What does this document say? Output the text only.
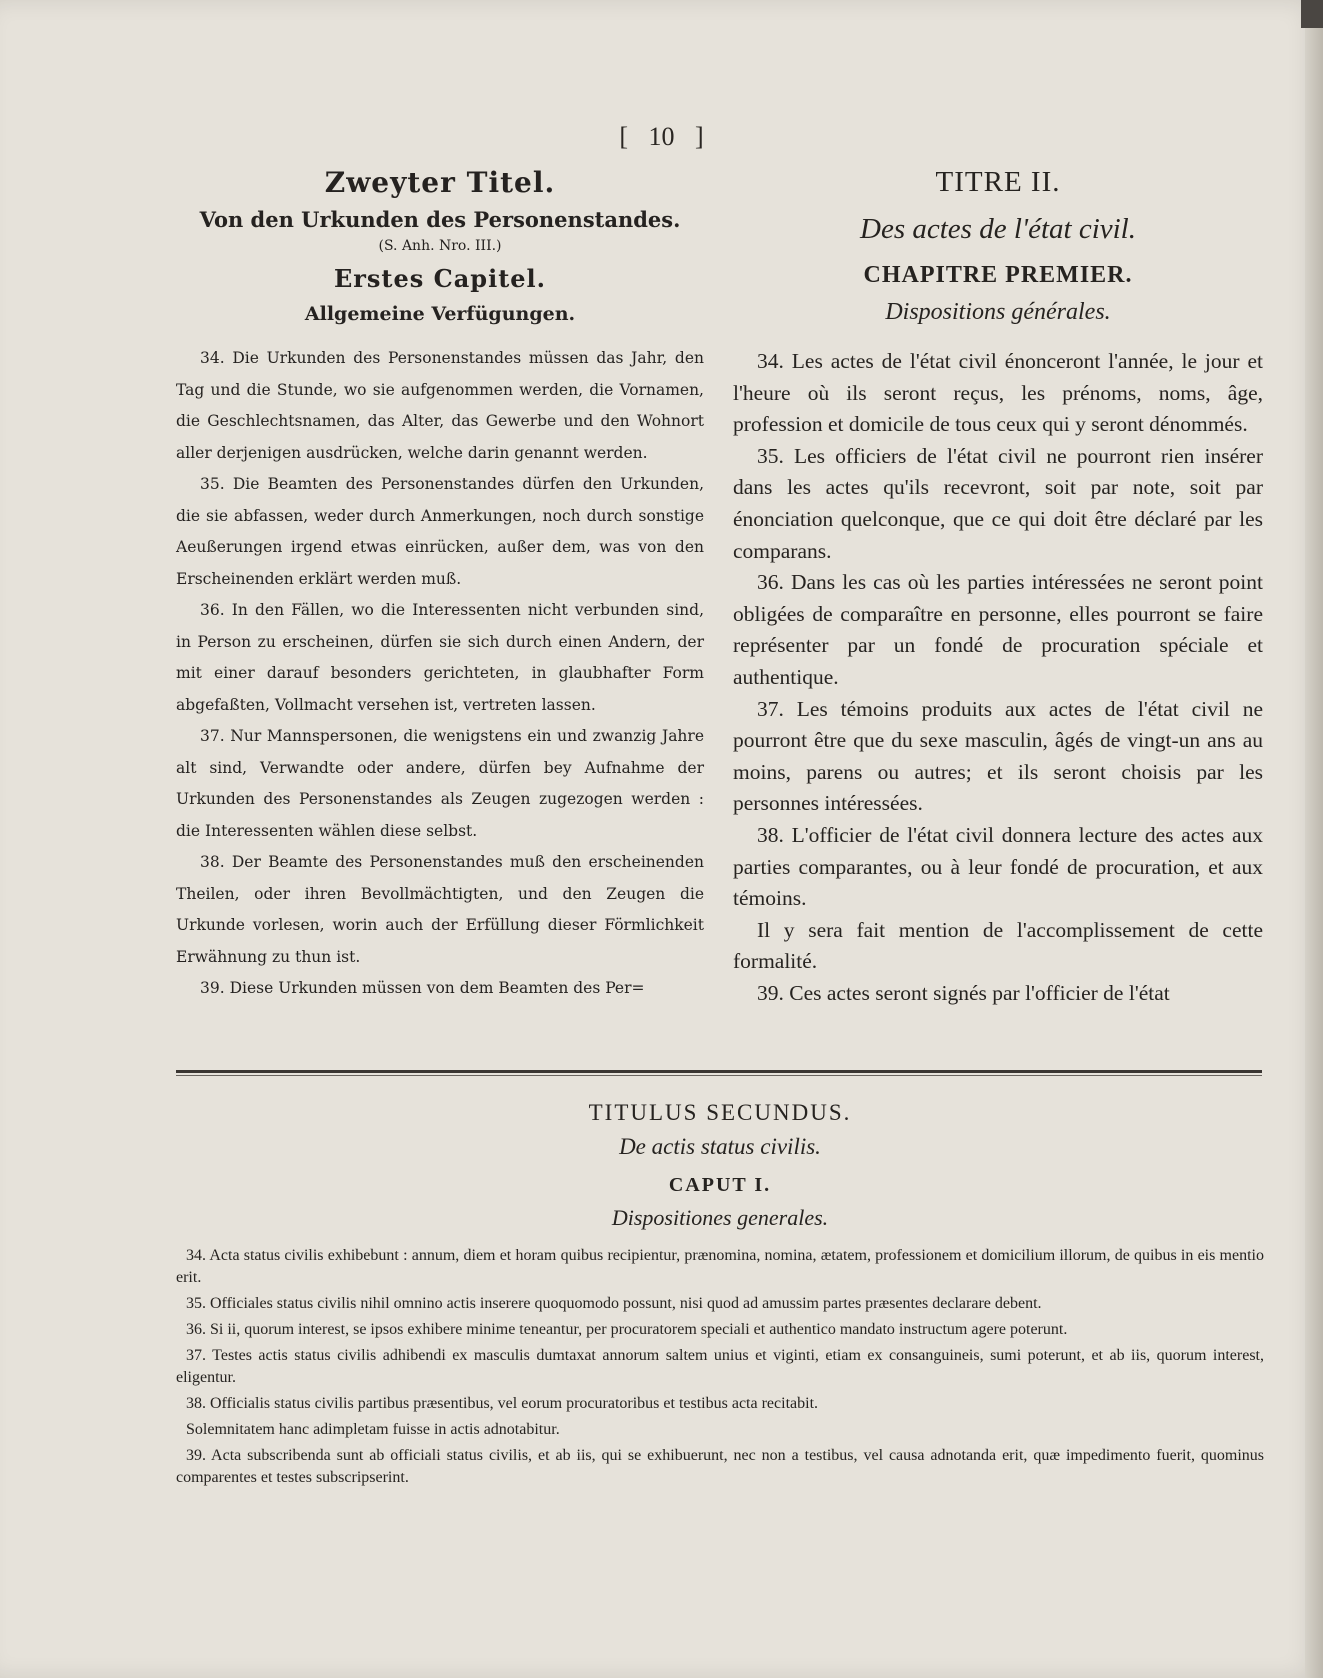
[ 10 ]
Zweyter Titel.
Von den Urkunden des Personenstandes.
(S. Anh. Nro. III.)
Erstes Capitel.
Allgemeine Verfügungen.

34. Die Urkunden des Personenstandes müssen das Jahr, den Tag und die Stunde, wo sie aufgenommen werden, die Vornamen, die Geschlechtsnamen, das Alter, das Gewerbe und den Wohnort aller derjenigen ausdrücken, welche darin genannt werden.

35. Die Beamten des Personenstandes dürfen den Urkunden, die sie abfassen, weder durch Anmerkungen, noch durch sonstige Aeußerungen irgend etwas einrücken, außer dem, was von den Erscheinenden erklärt werden muß.

36. In den Fällen, wo die Interessenten nicht verbunden sind, in Person zu erscheinen, dürfen sie sich durch einen Andern, der mit einer darauf besonders gerichteten, in glaubhafter Form abgefaßten, Vollmacht versehen ist, vertreten lassen.

37. Nur Mannspersonen, die wenigstens ein und zwanzig Jahre alt sind, Verwandte oder andere, dürfen bey Aufnahme der Urkunden des Personenstandes als Zeugen zugezogen werden : die Interessenten wählen diese selbst.

38. Der Beamte des Personenstandes muß den erscheinenden Theilen, oder ihren Bevollmächtigten, und den Zeugen die Urkunde vorlesen, worin auch der Erfüllung dieser Förmlichkeit Erwähnung zu thun ist.

39. Diese Urkunden müssen von dem Beamten des Per=

TITRE II.
Des actes de l'état civil.
CHAPITRE PREMIER.
Dispositions générales.

34. Les actes de l'état civil énonceront l'année, le jour et l'heure où ils seront reçus, les prénoms, noms, âge, profession et domicile de tous ceux qui y seront dénommés.

35. Les officiers de l'état civil ne pourront rien insérer dans les actes qu'ils recevront, soit par note, soit par énonciation quelconque, que ce qui doit être déclaré par les comparans.

36. Dans les cas où les parties intéressées ne seront point obligées de comparaître en personne, elles pourront se faire représenter par un fondé de procuration spéciale et authentique.

37. Les témoins produits aux actes de l'état civil ne pourront être que du sexe masculin, âgés de vingt-un ans au moins, parens ou autres; et ils seront choisis par les personnes intéressées.

38. L'officier de l'état civil donnera lecture des actes aux parties comparantes, ou à leur fondé de procuration, et aux témoins.

Il y sera fait mention de l'accomplissement de cette formalité.

39. Ces actes seront signés par l'officier de l'état

TITULUS SECUNDUS.
De actis status civilis.
CAPUT I.
Dispositiones generales.

34. Acta status civilis exhibebunt : annum, diem et horam quibus recipientur, prænomina, nomina, ætatem, professionem et domicilium illorum, de quibus in eis mentio erit.

35. Officiales status civilis nihil omnino actis inserere quoquomodo possunt, nisi quod ad amussim partes præsentes declarare debent.

36. Si ii, quorum interest, se ipsos exhibere minime teneantur, per procuratorem speciali et authentico mandato instructum agere poterunt.

37. Testes actis status civilis adhibendi ex masculis dumtaxat annorum saltem unius et viginti, etiam ex consanguineis, sumi poterunt, et ab iis, quorum interest, eligentur.

38. Officialis status civilis partibus præsentibus, vel eorum procuratoribus et testibus acta recitabit.

Solemnitatem hanc adimpletam fuisse in actis adnotabitur.

39. Acta subscribenda sunt ab officiali status civilis, et ab iis, qui se exhibuerunt, nec non a testibus, vel causa adnotanda erit, quæ impedimento fuerit, quominus comparentes et testes subscripserint.
